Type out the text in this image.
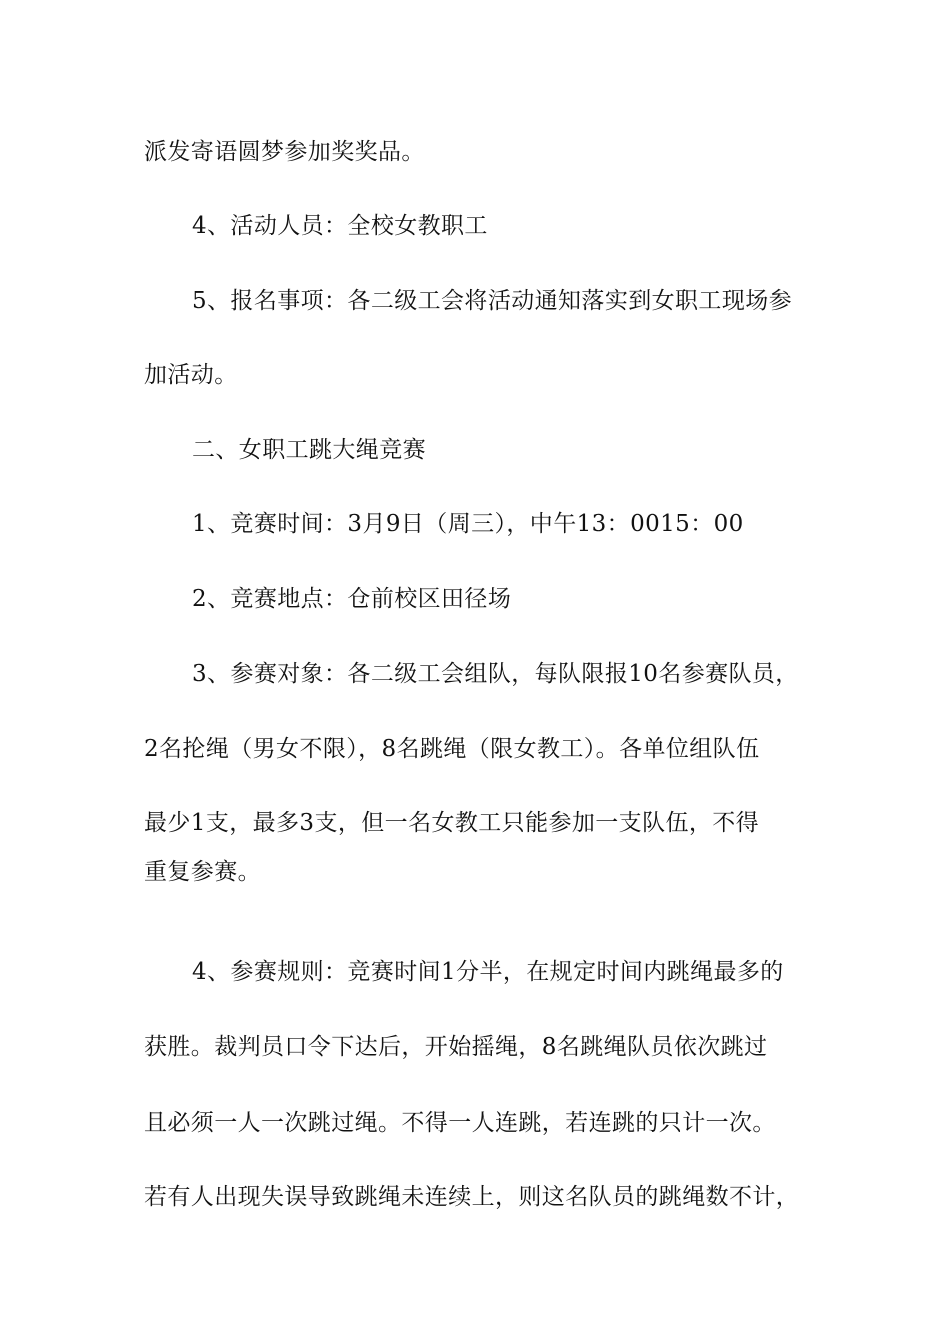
派发寄语圆梦参加奖奖品。
4、活动人员：全校女教职工
5、报名事项：各二级工会将活动通知落实到女职工现场参
加活动。
二、女职工跳大绳竞赛
1、竞赛时间：3月9日（周三），中午13：0015：00
2、竞赛地点：仓前校区田径场
3、参赛对象：各二级工会组队，每队限报10名参赛队员，
2名抡绳（男女不限），8名跳绳（限女教工）。各单位组队伍
最少1支，最多3支，但一名女教工只能参加一支队伍，不得
重复参赛。
4、参赛规则：竞赛时间1分半，在规定时间内跳绳最多的
获胜。裁判员口令下达后，开始摇绳，8名跳绳队员依次跳过
且必须一人一次跳过绳。不得一人连跳，若连跳的只计一次。
若有人出现失误导致跳绳未连续上，则这名队员的跳绳数不计，
